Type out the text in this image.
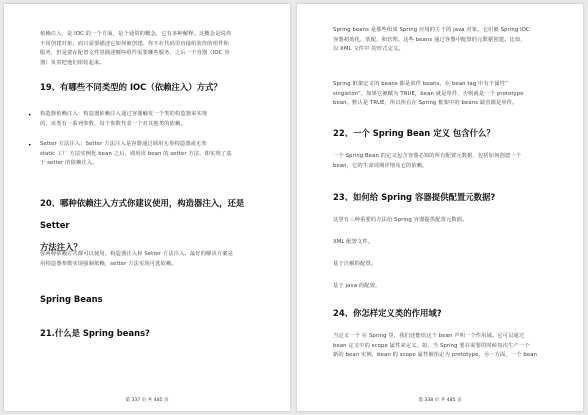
依赖注入，是 IOC 的一个方面，是个通常的概念，它有多种解释。这概念是说你
不用创建对象，而只需要描述它如何被创建。你不在代码里直接组装你的组件和
服务，但是要在配置文件里描述哪些组件需要哪些服务，之后一个容器（IOC 容
器）负责把他们组装起来。
19、有哪些不同类型的 IOC（依赖注入）方式？
• 构造器依赖注入：构造器依赖注入通过容器触发一个类的构造器来实现
的，该类有一系列参数，每个参数代表一个对其他类的依赖。
• Setter 方法注入：Setter 方法注入是容器通过调用无参构造器或无参
static 工厂 方法实例化 bean 之后，调用该 bean 的 setter 方法，即实现了基
于 setter 的依赖注入。
20、哪种依赖注入方式你建议使用，构造器注入，还是 Setter
方法注入？
你两种依赖方式都可以使用，构造器注入和 Setter 方法注入。最好的解决方案是
用构造器参数实现强制依赖，setter 方法实现可选依赖。
Spring Beans
21.什么是 Spring beans?
第 337 页 共 485 页
Spring beans 是那些组成 Spring 应用的主干的 java 对象。它们被 Spring IOC
容器初始化，装配，和管理。这些 beans 通过容器中配置的元数据创建。比如，
以 XML 文件中 的形式定义。
Spring 框架定义的 beans 都是单件 beans。在 bean tag 中有个属性”
singleton”，如果它被赋为 TRUE，bean 就是单件，否则就是一个 prototype
bean。默认是 TRUE，所以所有在 Spring 框架中的 beans 缺省都是单件。
22、一个 Spring Bean 定义 包含什么？
一个 Spring Bean 的定义包含容器必知的所有配置元数据，包括如何创建一个
bean，它的生命周期详情及它的依赖。
23、如何给 Spring 容器提供配置元数据?
这里有三种重要的方法给 Spring 容器提供配置元数据。
XML 配置文件。
基于注解的配置。
基于 java 的配置。
24、你怎样定义类的作用域?
当定义一个 在 Spring 里，我们还能给这个 bean 声明一个作用域。它可以通过
bean 定义中的 scope 属性来定义。如，当 Spring 要在需要的时候每次生产一个
新的 bean 实例，bean 的 scope 属性被指定为 prototype。另一方面，一个 bean
第 338 页 共 485 页
